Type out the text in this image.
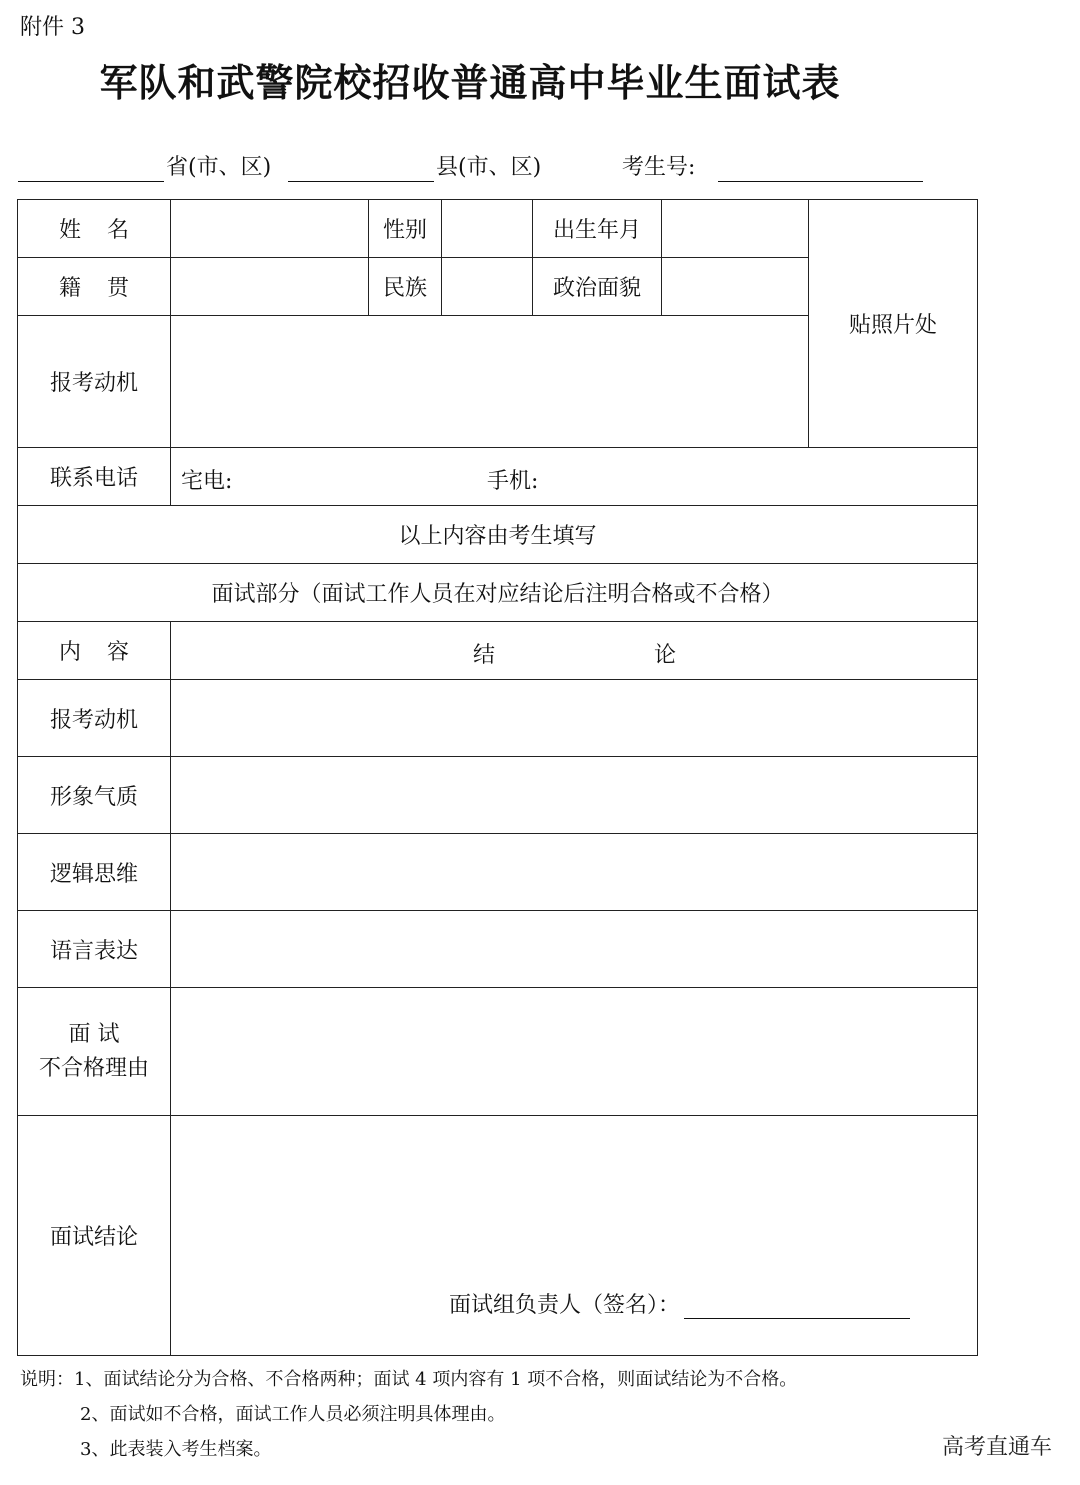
附件 3
军队和武警院校招收普通高中毕业生面试表
省(市、区)	县(市、区)	考生号:
姓名		性别		出生年月		贴照片处
籍贯		民族		政治面貌		
报考动机						
联系电话	宅电: 手机:					

以上内容由考生填写						
面试部分（面试工作人员在对应结论后注明合格或不合格）						
内容	结 论					

报考动机						
形象气质						
逻辑思维						
语言表达						

面 试
不合格理由						

面试结论	面试组负责人（签名）：					
说明：1、面试结论分为合格、不合格两种；面试 4 项内容有 1 项不合格，则面试结论为不合格。
2、面试如不合格，面试工作人员必须注明具体理由。
3、此表装入考生档案。	高考直通车
